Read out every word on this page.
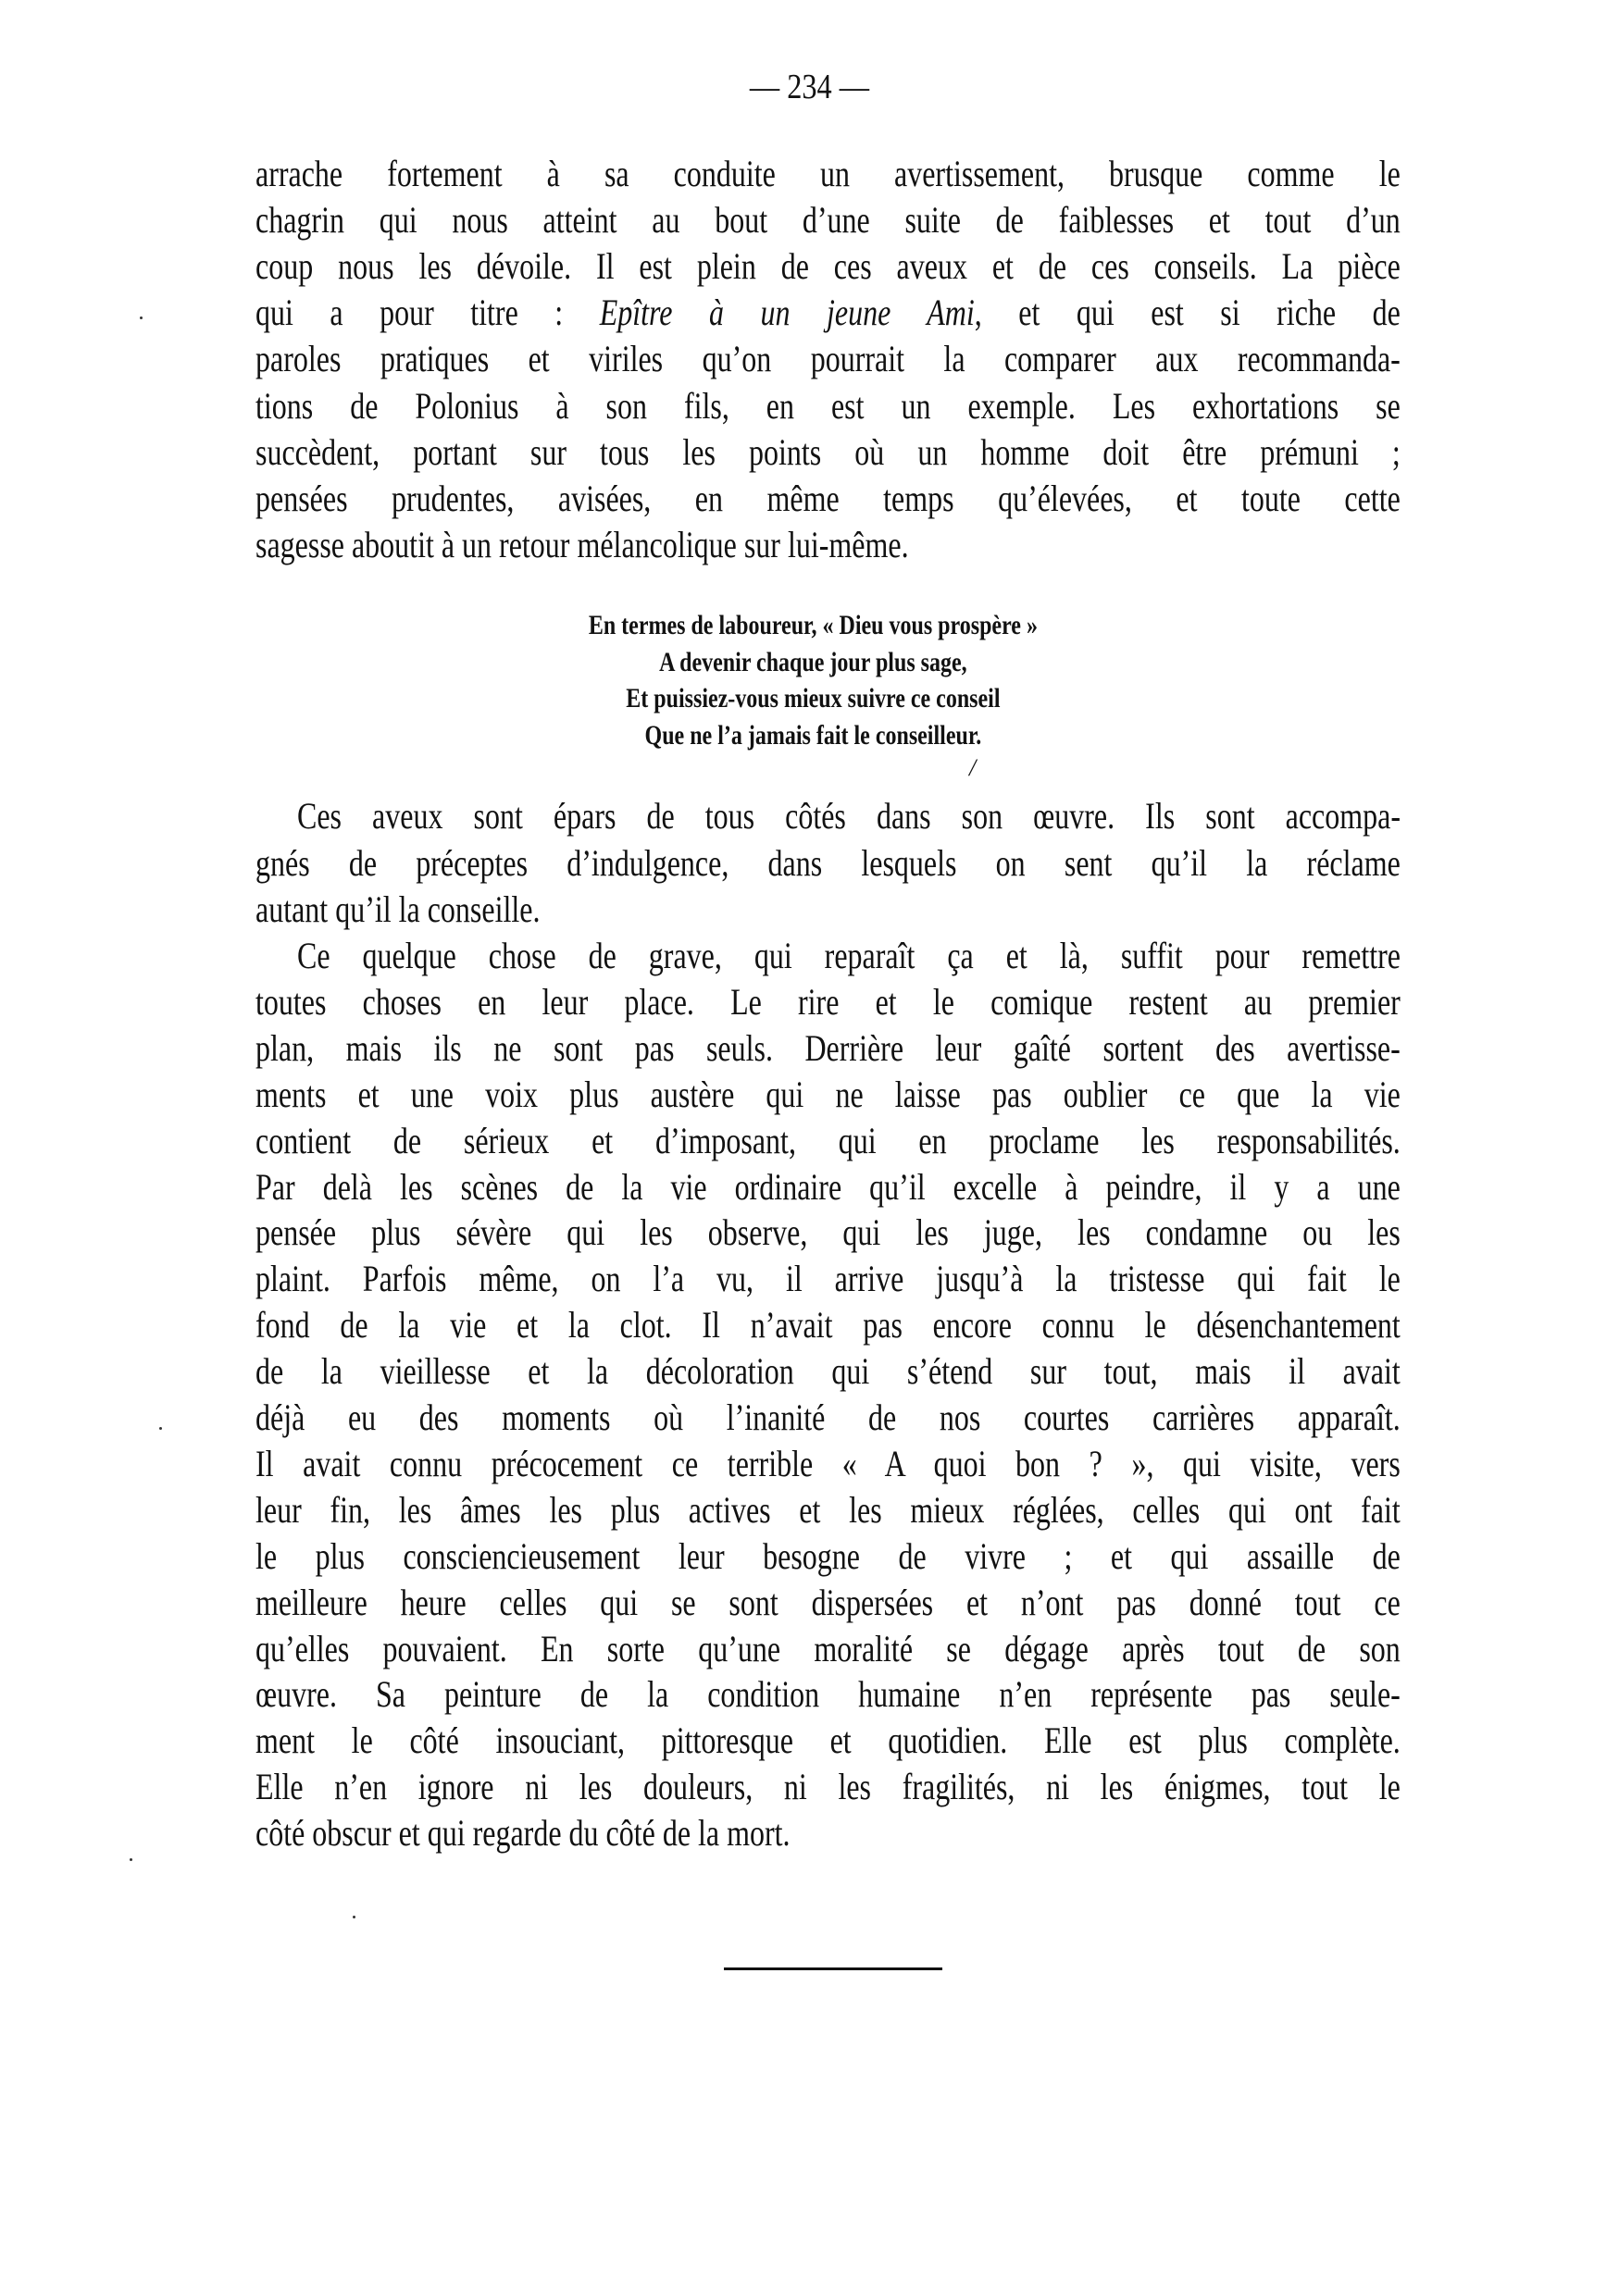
— 234 —
arrache fortement à sa conduite un avertissement, brusque comme le
chagrin qui nous atteint au bout d’une suite de faiblesses et tout d’un
coup nous les dévoile. Il est plein de ces aveux et de ces conseils. La pièce
qui a pour titre : Epître à un jeune Ami, et qui est si riche de
paroles pratiques et viriles qu’on pourrait la comparer aux recommanda-
tions de Polonius à son fils, en est un exemple. Les exhortations se
succèdent, portant sur tous les points où un homme doit être prémuni ;
pensées prudentes, avisées, en même temps qu’élevées, et toute cette
sagesse aboutit à un retour mélancolique sur lui-même.
Ces aveux sont épars de tous côtés dans son œuvre. Ils sont accompa-
gnés de préceptes d’indulgence, dans lesquels on sent qu’il la réclame
autant qu’il la conseille.
Ce quelque chose de grave, qui reparaît ça et là, suffit pour remettre
toutes choses en leur place. Le rire et le comique restent au premier
plan, mais ils ne sont pas seuls. Derrière leur gaîté sortent des avertisse-
ments et une voix plus austère qui ne laisse pas oublier ce que la vie
contient de sérieux et d’imposant, qui en proclame les responsabilités.
Par delà les scènes de la vie ordinaire qu’il excelle à peindre, il y a une
pensée plus sévère qui les observe, qui les juge, les condamne ou les
plaint. Parfois même, on l’a vu, il arrive jusqu’à la tristesse qui fait le
fond de la vie et la clot. Il n’avait pas encore connu le désenchantement
de la vieillesse et la décoloration qui s’étend sur tout, mais il avait
déjà eu des moments où l’inanité de nos courtes carrières apparaît.
Il avait connu précocement ce terrible « A quoi bon ? », qui visite, vers
leur fin, les âmes les plus actives et les mieux réglées, celles qui ont fait
le plus consciencieusement leur besogne de vivre ; et qui assaille de
meilleure heure celles qui se sont dispersées et n’ont pas donné tout ce
qu’elles pouvaient. En sorte qu’une moralité se dégage après tout de son
œuvre. Sa peinture de la condition humaine n’en représente pas seule-
ment le côté insouciant, pittoresque et quotidien. Elle est plus complète.
Elle n’en ignore ni les douleurs, ni les fragilités, ni les énigmes, tout le
côté obscur et qui regarde du côté de la mort.
En termes de laboureur, « Dieu vous prospère »
A devenir chaque jour plus sage,
Et puissiez-vous mieux suivre ce conseil
Que ne l’a jamais fait le conseilleur.
/
